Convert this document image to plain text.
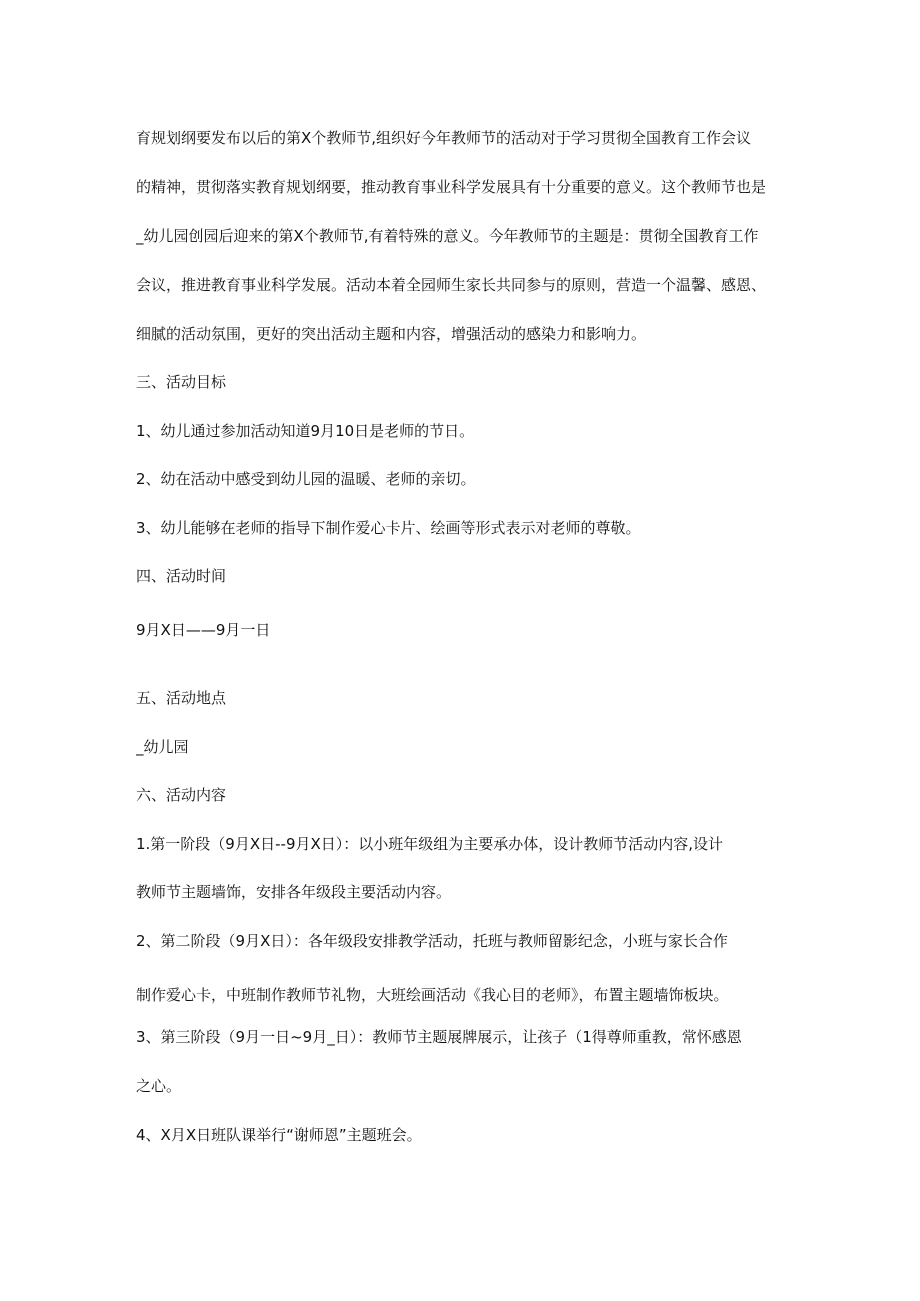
育规划纲要发布以后的第X个教师节,组织好今年教师节的活动对于学习贯彻全国教育工作会议
的精神，贯彻落实教育规划纲要，推动教育事业科学发展具有十分重要的意义。这个教师节也是
_幼儿园创园后迎来的第X个教师节,有着特殊的意义。今年教师节的主题是：贯彻全国教育工作
会议，推进教育事业科学发展。活动本着全园师生家长共同参与的原则，营造一个温馨、感恩、
细腻的活动氛围，更好的突出活动主题和内容，增强活动的感染力和影响力。
三、活动目标
1、幼儿通过参加活动知道9月10日是老师的节日。
2、幼在活动中感受到幼儿园的温暖、老师的亲切。
3、幼儿能够在老师的指导下制作爱心卡片、绘画等形式表示对老师的尊敬。
四、活动时间
9月X日——9月一日
五、活动地点
_幼儿园
六、活动内容
1.第一阶段（9月X日--9月X日）：以小班年级组为主要承办体，设计教师节活动内容,设计
教师节主题墙饰，安排各年级段主要活动内容。
2、第二阶段（9月X日）：各年级段安排教学活动，托班与教师留影纪念，小班与家长合作
制作爱心卡，中班制作教师节礼物，大班绘画活动《我心目的老师》，布置主题墙饰板块。
3、第三阶段（9月一日~9月_日）：教师节主题展牌展示，让孩子（1得尊师重教，常怀感恩
之心。
4、X月X日班队课举行“谢师恩”主题班会。
